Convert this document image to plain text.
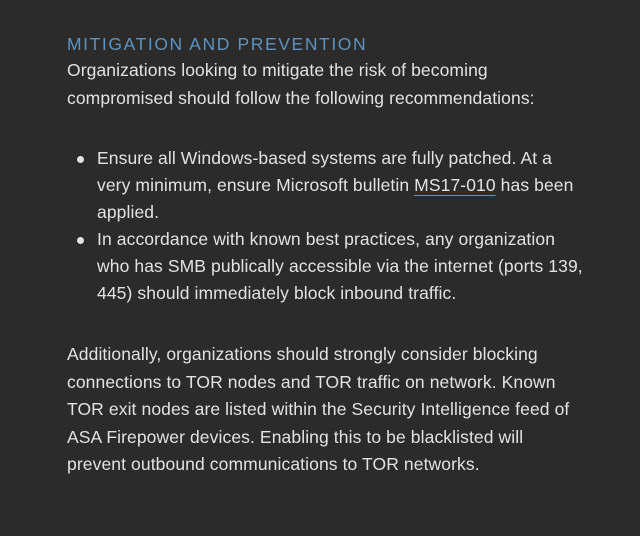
MITIGATION AND PREVENTION

Organizations looking to mitigate the risk of becoming compromised should follow the following recommendations:

Ensure all Windows-based systems are fully patched. At a very minimum, ensure Microsoft bulletin MS17-010 has been applied.
In accordance with known best practices, any organization who has SMB publically accessible via the internet (ports 139, 445) should immediately block inbound traffic.

Additionally, organizations should strongly consider blocking connections to TOR nodes and TOR traffic on network. Known TOR exit nodes are listed within the Security Intelligence feed of ASA Firepower devices. Enabling this to be blacklisted will prevent outbound communications to TOR networks.
